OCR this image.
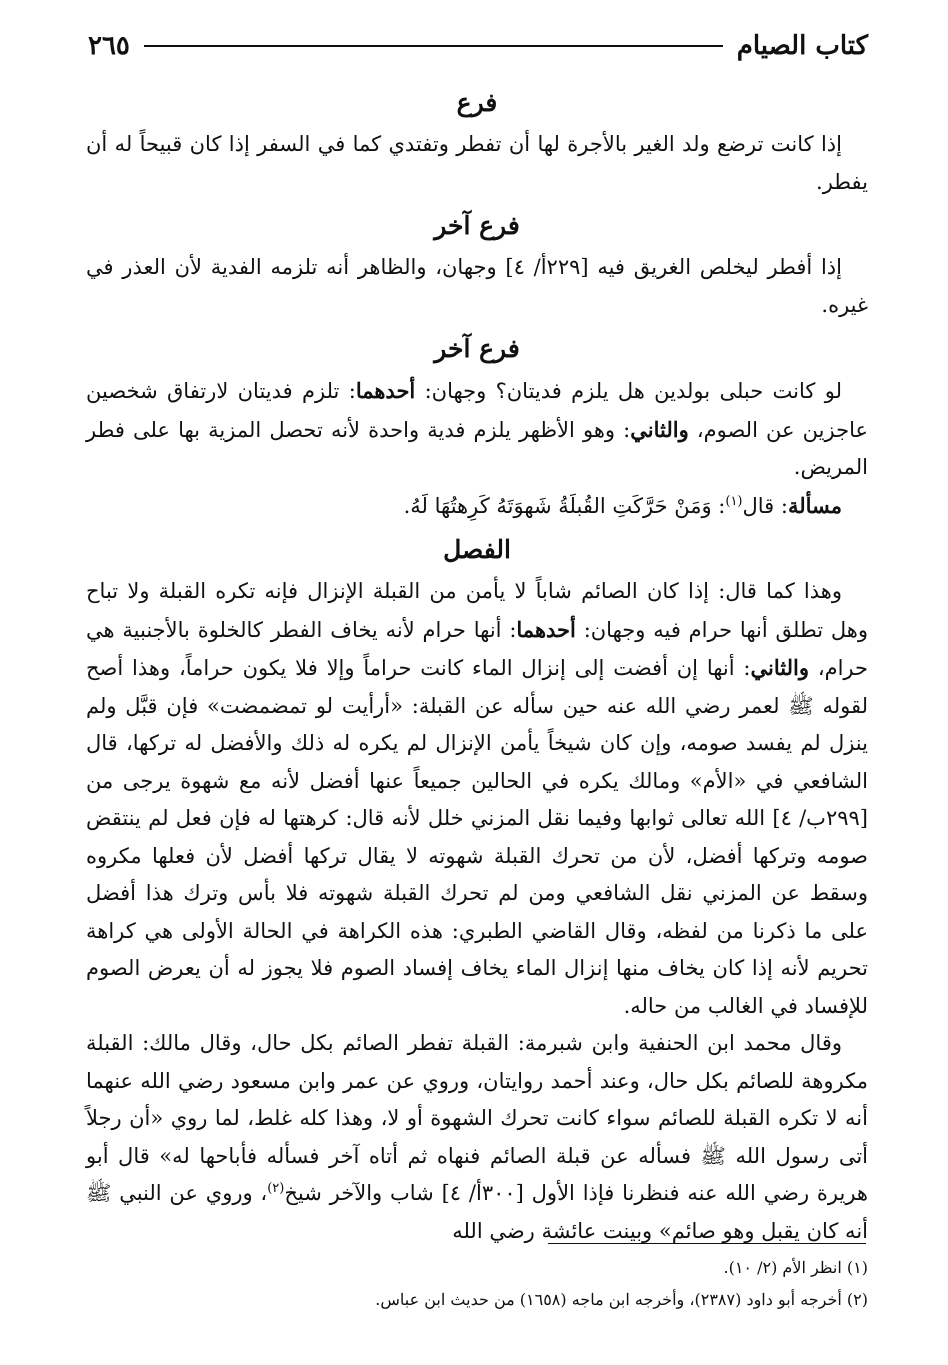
كتاب الصيام
٢٦٥
فرع

إذا كانت ترضع ولد الغير بالأجرة لها أن تفطر وتفتدي كما في السفر إذا كان قبيحاً له أن يفطر.

فرع آخر

إذا أفطر ليخلص الغريق فيه [٢٢٩أ/ ٤] وجهان، والظاهر أنه تلزمه الفدية لأن العذر في غيره.

فرع آخر

لو كانت حبلى بولدين هل يلزم فديتان؟ وجهان: أحدهما: تلزم فديتان لارتفاق شخصين عاجزين عن الصوم، والثاني: وهو الأظهر يلزم فدية واحدة لأنه تحصل المزية بها على فطر المريض.

مسألة: قال$^{(١)}$: وَمَنْ حَرَّكَتِ القُبلَةُ شَهوَتَهُ كَرِهتُهَا لَهُ.

الفصل

وهذا كما قال: إذا كان الصائم شاباً لا يأمن من القبلة الإنزال فإنه تكره القبلة ولا تباح وهل تطلق أنها حرام فيه وجهان: أحدهما: أنها حرام لأنه يخاف الفطر كالخلوة بالأجنبية هي حرام، والثاني: أنها إن أفضت إلى إنزال الماء كانت حراماً وإلا فلا يكون حراماً، وهذا أصح لقوله ﷺ لعمر رضي الله عنه حين سأله عن القبلة: «أرأيت لو تمضمضت» فإن قبَّل ولم ينزل لم يفسد صومه، وإن كان شيخاً يأمن الإنزال لم يكره له ذلك والأفضل له تركها، قال الشافعي في «الأم» ومالك يكره في الحالين جميعاً عنها أفضل لأنه مع شهوة يرجى من [٢٩٩ب/ ٤] الله تعالى ثوابها وفيما نقل المزني خلل لأنه قال: كرهتها له فإن فعل لم ينتقض صومه وتركها أفضل، لأن من تحرك القبلة شهوته لا يقال تركها أفضل لأن فعلها مكروه وسقط عن المزني نقل الشافعي ومن لم تحرك القبلة شهوته فلا بأس وترك هذا أفضل على ما ذكرنا من لفظه، وقال القاضي الطبري: هذه الكراهة في الحالة الأولى هي كراهة تحريم لأنه إذا كان يخاف منها إنزال الماء يخاف إفساد الصوم فلا يجوز له أن يعرض الصوم للإفساد في الغالب من حاله.

وقال محمد ابن الحنفية وابن شبرمة: القبلة تفطر الصائم بكل حال، وقال مالك: القبلة مكروهة للصائم بكل حال، وعند أحمد روايتان، وروي عن عمر وابن مسعود رضي الله عنهما أنه لا تكره القبلة للصائم سواء كانت تحرك الشهوة أو لا، وهذا كله غلط، لما روي «أن رجلاً أتى رسول الله ﷺ فسأله عن قبلة الصائم فنهاه ثم أتاه آخر فسأله فأباحها له» قال أبو هريرة رضي الله عنه فنظرنا فإذا الأول [٣٠٠أ/ ٤] شاب والآخر شيخ$^{(٢)}$، وروي عن النبي ﷺ أنه كان يقبل وهو صائم» وبينت عائشة رضي الله

(١) انظر الأم (٢/ ١٠).
(٢) أخرجه أبو داود (٢٣٨٧)، وأخرجه ابن ماجه (١٦٥٨) من حديث ابن عباس.
